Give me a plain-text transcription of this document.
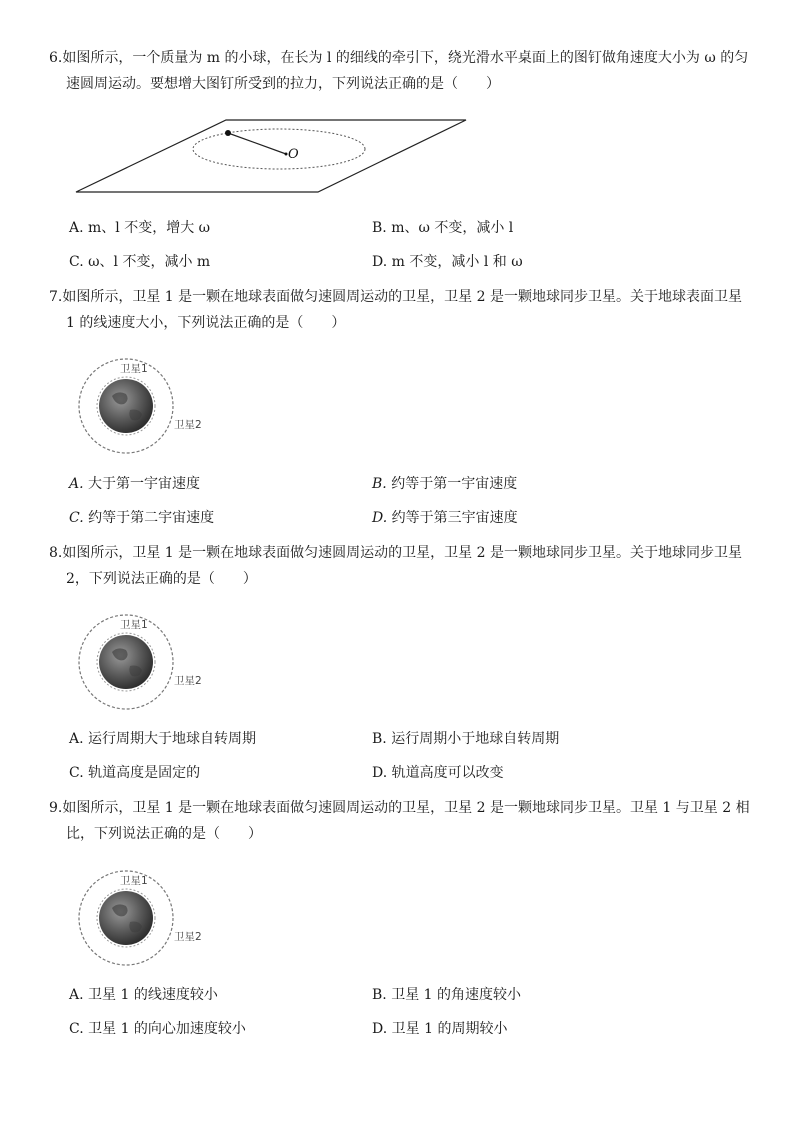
6.如图所示，一个质量为 m 的小球，在长为 l 的细线的牵引下，绕光滑水平桌面上的图钉做角速度大小为 ω 的匀
速圆周运动。要想增大图钉所受到的拉力，下列说法正确的是（　　）
O
A. m、l 不变，增大 ω	B. m、ω 不变，减小 l
C. ω、l 不变，减小 m	D. m 不变，减小 l 和 ω
7.如图所示，卫星 1 是一颗在地球表面做匀速圆周运动的卫星，卫星 2 是一颗地球同步卫星。关于地球表面卫星
1 的线速度大小，下列说法正确的是（　　）
卫星1
卫星2
A. 大于第一宇宙速度	B. 约等于第一宇宙速度
C. 约等于第二宇宙速度	D. 约等于第三宇宙速度
8.如图所示，卫星 1 是一颗在地球表面做匀速圆周运动的卫星，卫星 2 是一颗地球同步卫星。关于地球同步卫星
2，下列说法正确的是（　　）
卫星1
卫星2
A. 运行周期大于地球自转周期	B. 运行周期小于地球自转周期
C. 轨道高度是固定的	D. 轨道高度可以改变
9.如图所示，卫星 1 是一颗在地球表面做匀速圆周运动的卫星，卫星 2 是一颗地球同步卫星。卫星 1 与卫星 2 相
比，下列说法正确的是（　　）
卫星1
卫星2
A. 卫星 1 的线速度较小	B. 卫星 1 的角速度较小
C. 卫星 1 的向心加速度较小	D. 卫星 1 的周期较小
